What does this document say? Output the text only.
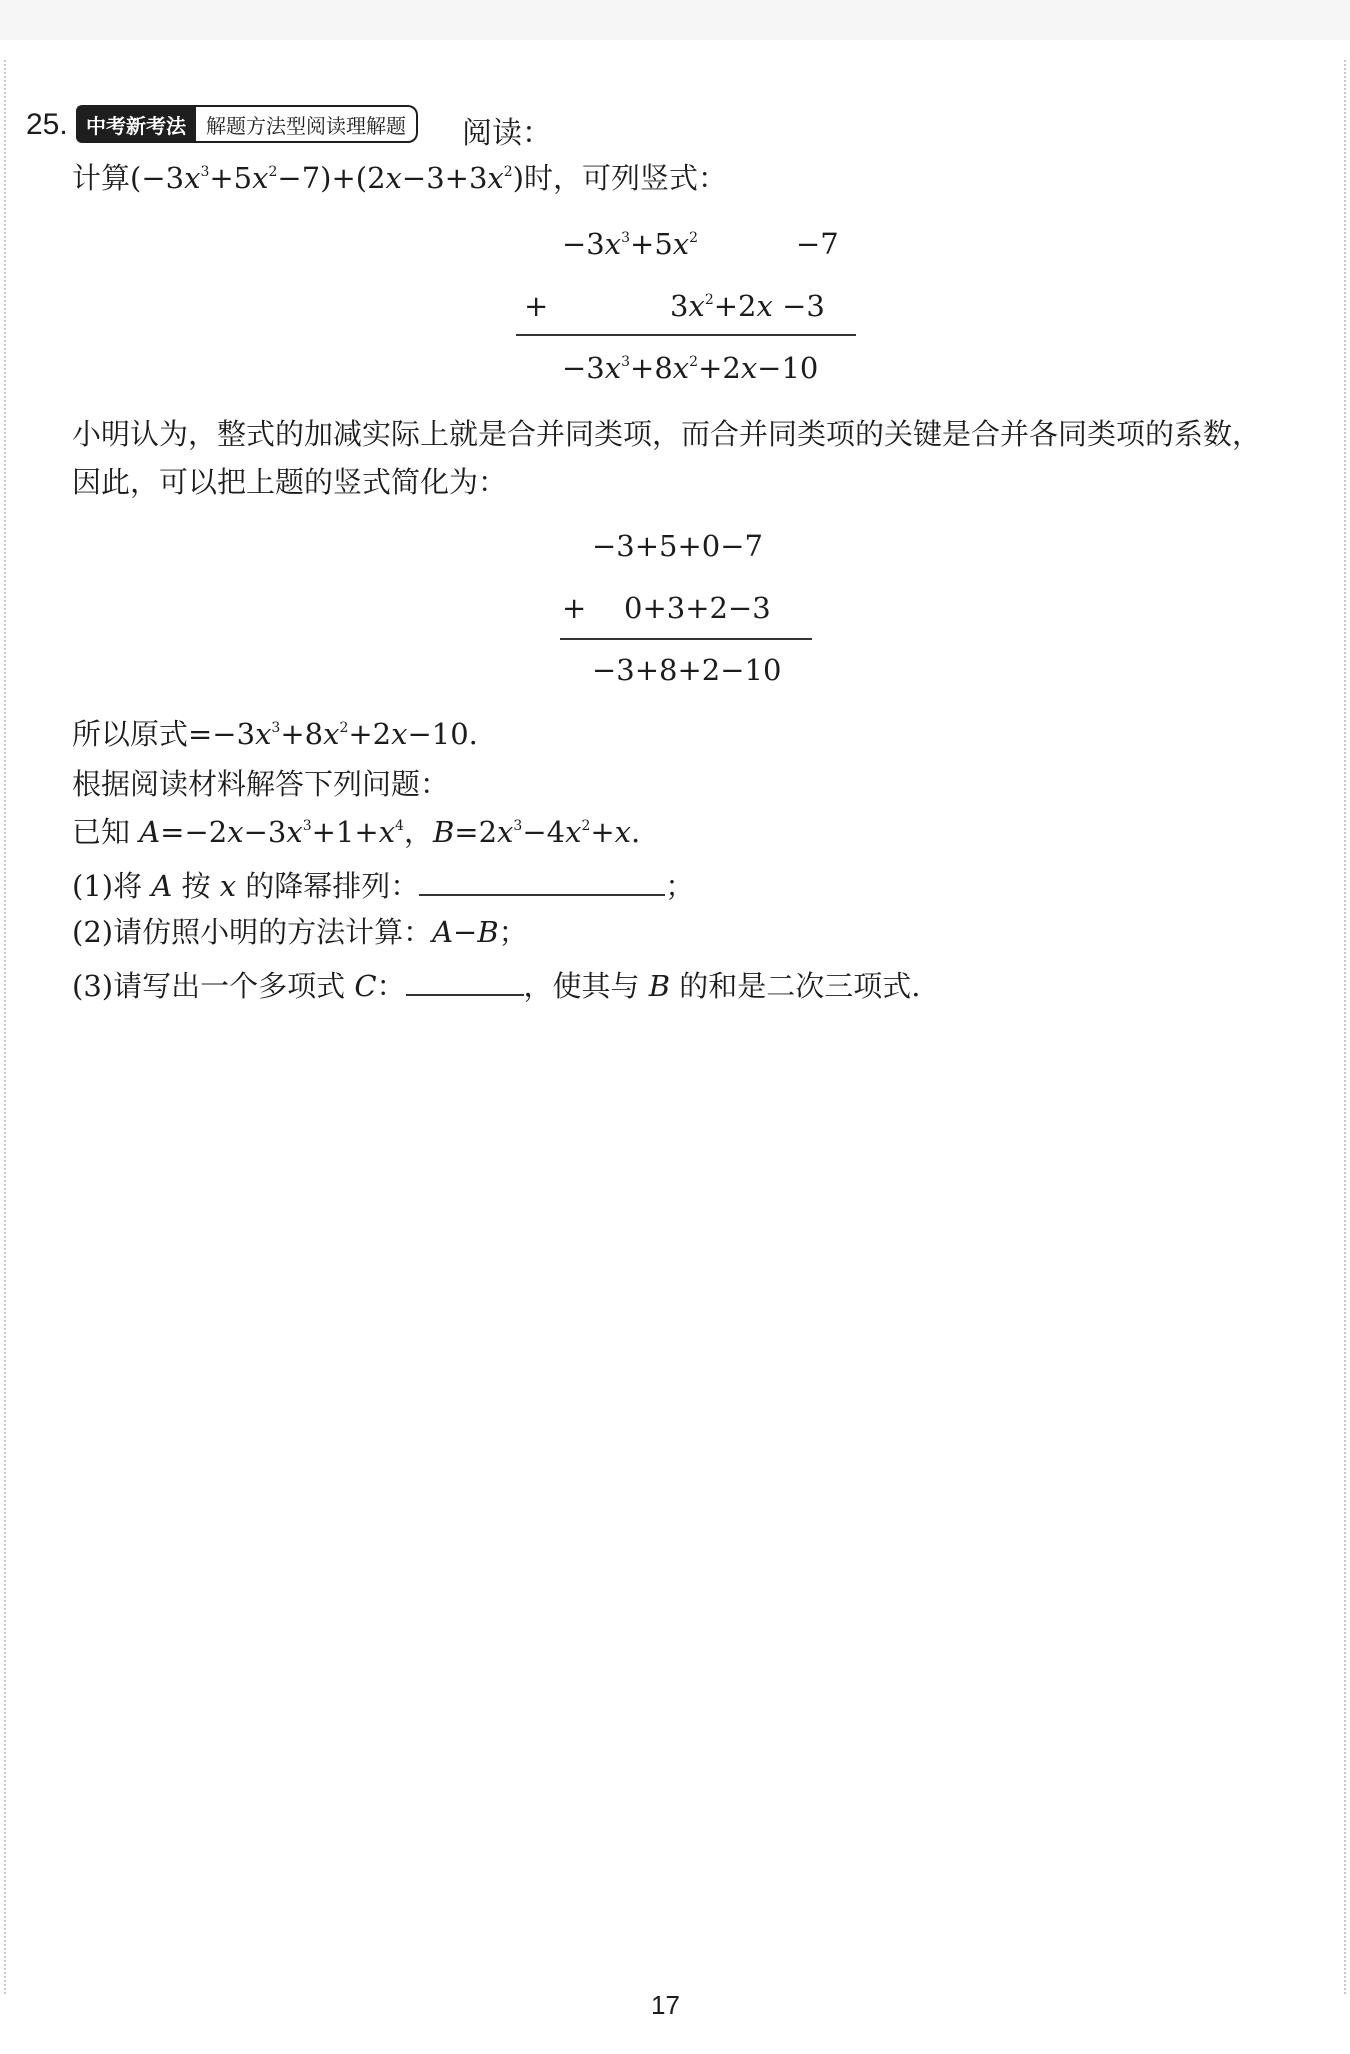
25. 中考新考法	解题方法型阅读理解题	阅读：
计算$(-3x^3+5x^2-7)+(2x-3+3x^2)$时，可列竖式：
$-3x^3+5x^2$	−7
+	$3x^2+2x -3$
$-3x^3+8x^2+2x-10$
小明认为，整式的加减实际上就是合并同类项，而合并同类项的关键是合并各同类项的系数，
因此，可以把上题的竖式简化为：
−3+5+0−7
+ 0+3+2−3
−3+8+2−10
所以原式$=-3x^3+8x^2+2x-10$.
根据阅读材料解答下列问题：
已知 $A=-2x-3x^3+1+x^4$，$B=2x^3-4x^2+x$.
(1)将 A 按 x 的降幂排列：	；
(2)请仿照小明的方法计算：A−B；
(3)请写出一个多项式 C：	，使其与 B 的和是二次三项式.
17
